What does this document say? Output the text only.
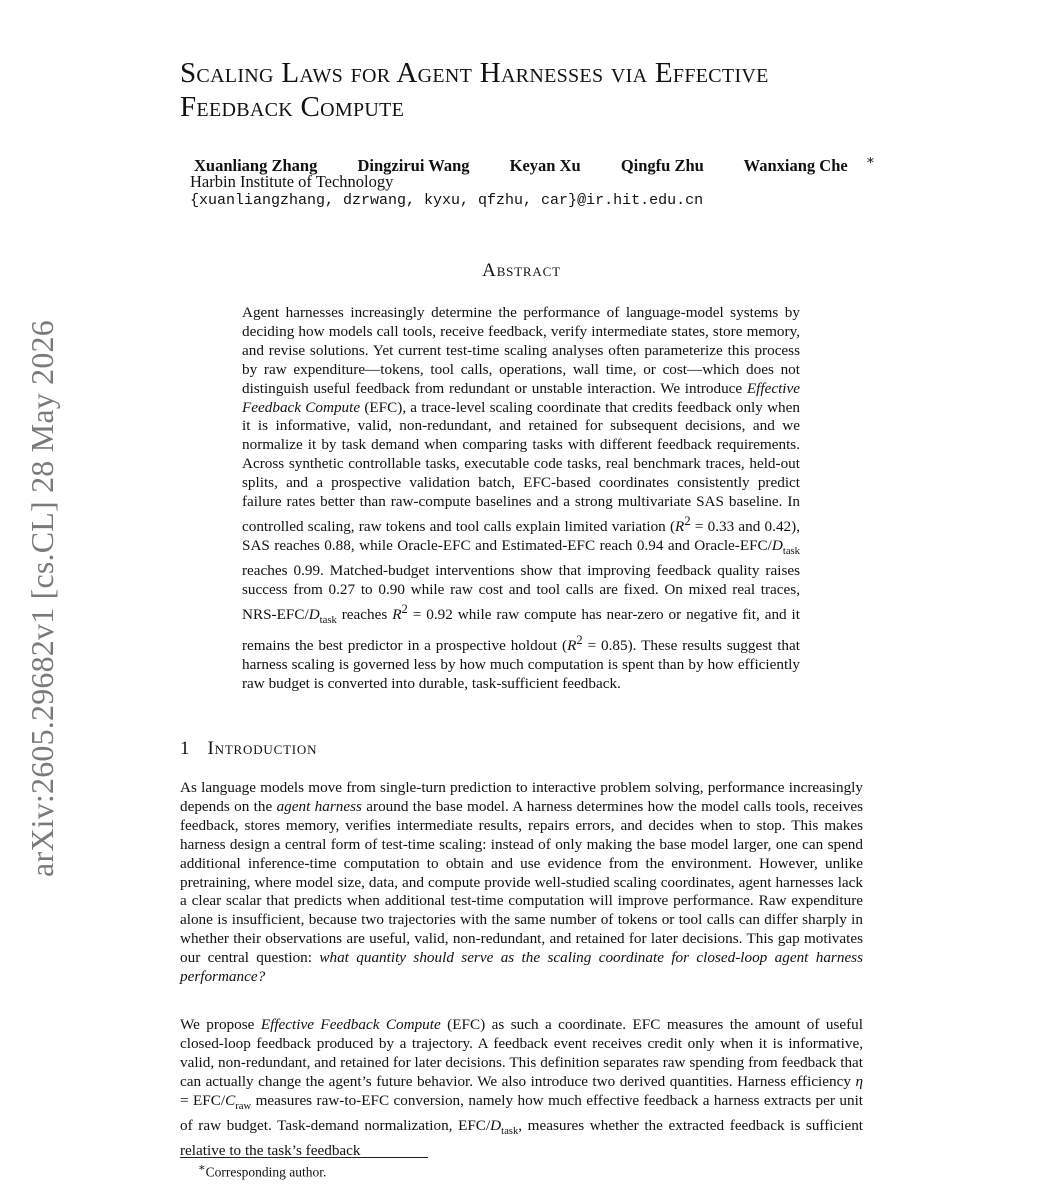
arXiv:2605.29682v1 [cs.CL] 28 May 2026
Scaling Laws for Agent Harnesses via Effective Feedback Compute
Xuanliang Zhang Dingzirui Wang Keyan Xu Qingfu Zhu Wanxiang Che ∗
Harbin Institute of Technology
{xuanliangzhang, dzrwang, kyxu, qfzhu, car}@ir.hit.edu.cn
Abstract

Agent harnesses increasingly determine the performance of language-model systems by deciding how models call tools, receive feedback, verify intermediate states, store memory, and revise solutions. Yet current test-time scaling analyses often parameterize this process by raw expenditure—tokens, tool calls, operations, wall time, or cost—which does not distinguish useful feedback from redundant or unstable interaction. We introduce Effective Feedback Compute (EFC), a trace-level scaling coordinate that credits feedback only when it is informative, valid, non-redundant, and retained for subsequent decisions, and we normalize it by task demand when comparing tasks with different feedback requirements. Across synthetic controllable tasks, executable code tasks, real benchmark traces, held-out splits, and a prospective validation batch, EFC-based coordinates consistently predict failure rates better than raw-compute baselines and a strong multivariate SAS baseline. In controlled scaling, raw tokens and tool calls explain limited variation ($R^2 = 0.33$ and 0.42), SAS reaches 0.88, while Oracle-EFC and Estimated-EFC reach 0.94 and Oracle-$EFC/D_{task}$ reaches 0.99. Matched-budget interventions show that improving feedback quality raises success from 0.27 to 0.90 while raw cost and tool calls are fixed. On mixed real traces, NRS-$EFC/D_{task}$ reaches $R^2 = 0.92$ while raw compute has near-zero or negative fit, and it remains the best predictor in a prospective holdout $(R^2 = 0.85)$. These results suggest that harness scaling is governed less by how much computation is spent than by how efficiently raw budget is converted into durable, task-sufficient feedback.

1 Introduction

As language models move from single-turn prediction to interactive problem solving, performance increasingly depends on the agent harness around the base model. A harness determines how the model calls tools, receives feedback, stores memory, verifies intermediate results, repairs errors, and decides when to stop. This makes harness design a central form of test-time scaling: instead of only making the base model larger, one can spend additional inference-time computation to obtain and use evidence from the environment. However, unlike pretraining, where model size, data, and compute provide well-studied scaling coordinates, agent harnesses lack a clear scalar that predicts when additional test-time computation will improve performance. Raw expenditure alone is insufficient, because two trajectories with the same number of tokens or tool calls can differ sharply in whether their observations are useful, valid, non-redundant, and retained for later decisions. This gap motivates our central question: what quantity should serve as the scaling coordinate for closed-loop agent harness performance?

We propose Effective Feedback Compute (EFC) as such a coordinate. EFC measures the amount of useful closed-loop feedback produced by a trajectory. A feedback event receives credit only when it is informative, valid, non-redundant, and retained for later decisions. This definition separates raw spending from feedback that can actually change the agent’s future behavior. We also introduce two derived quantities. Harness efficiency η = EFC/$C_{raw}$ measures raw-to-EFC conversion, namely how much effective feedback a harness extracts per unit of raw budget. Task-demand normalization, EFC/$D_{task}$, measures whether the extracted feedback is sufficient relative to the task’s feedback

∗Corresponding author.
